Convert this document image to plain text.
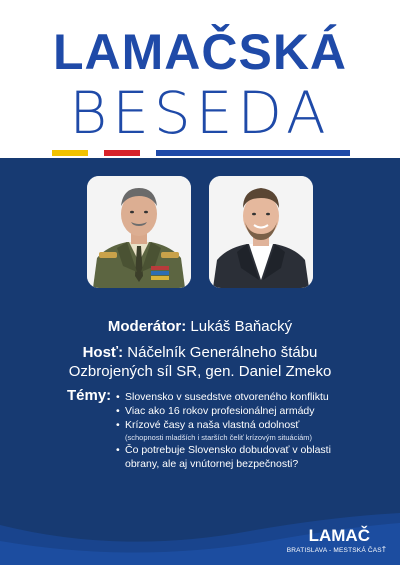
LAMAČSKÁ
BESEDA
Moderátor: Lukáš Baňacký
Hosť: Náčelník Generálneho štábu
Ozbrojených síl SR, gen. Daniel Zmeko
Témy: • Slovensko v susedstve otvoreného konfliktu
• Viac ako 16 rokov profesionálnej armády
• Krízové časy a naša vlastná odolnosť
(schopnosti mladších i starších čeliť krízovým situáciám)
• Čo potrebuje Slovensko dobudovať v oblasti
obrany, ale aj vnútornej bezpečnosti?
LAMAČ
BRATISLAVA - MESTSKÁ ČASŤ
